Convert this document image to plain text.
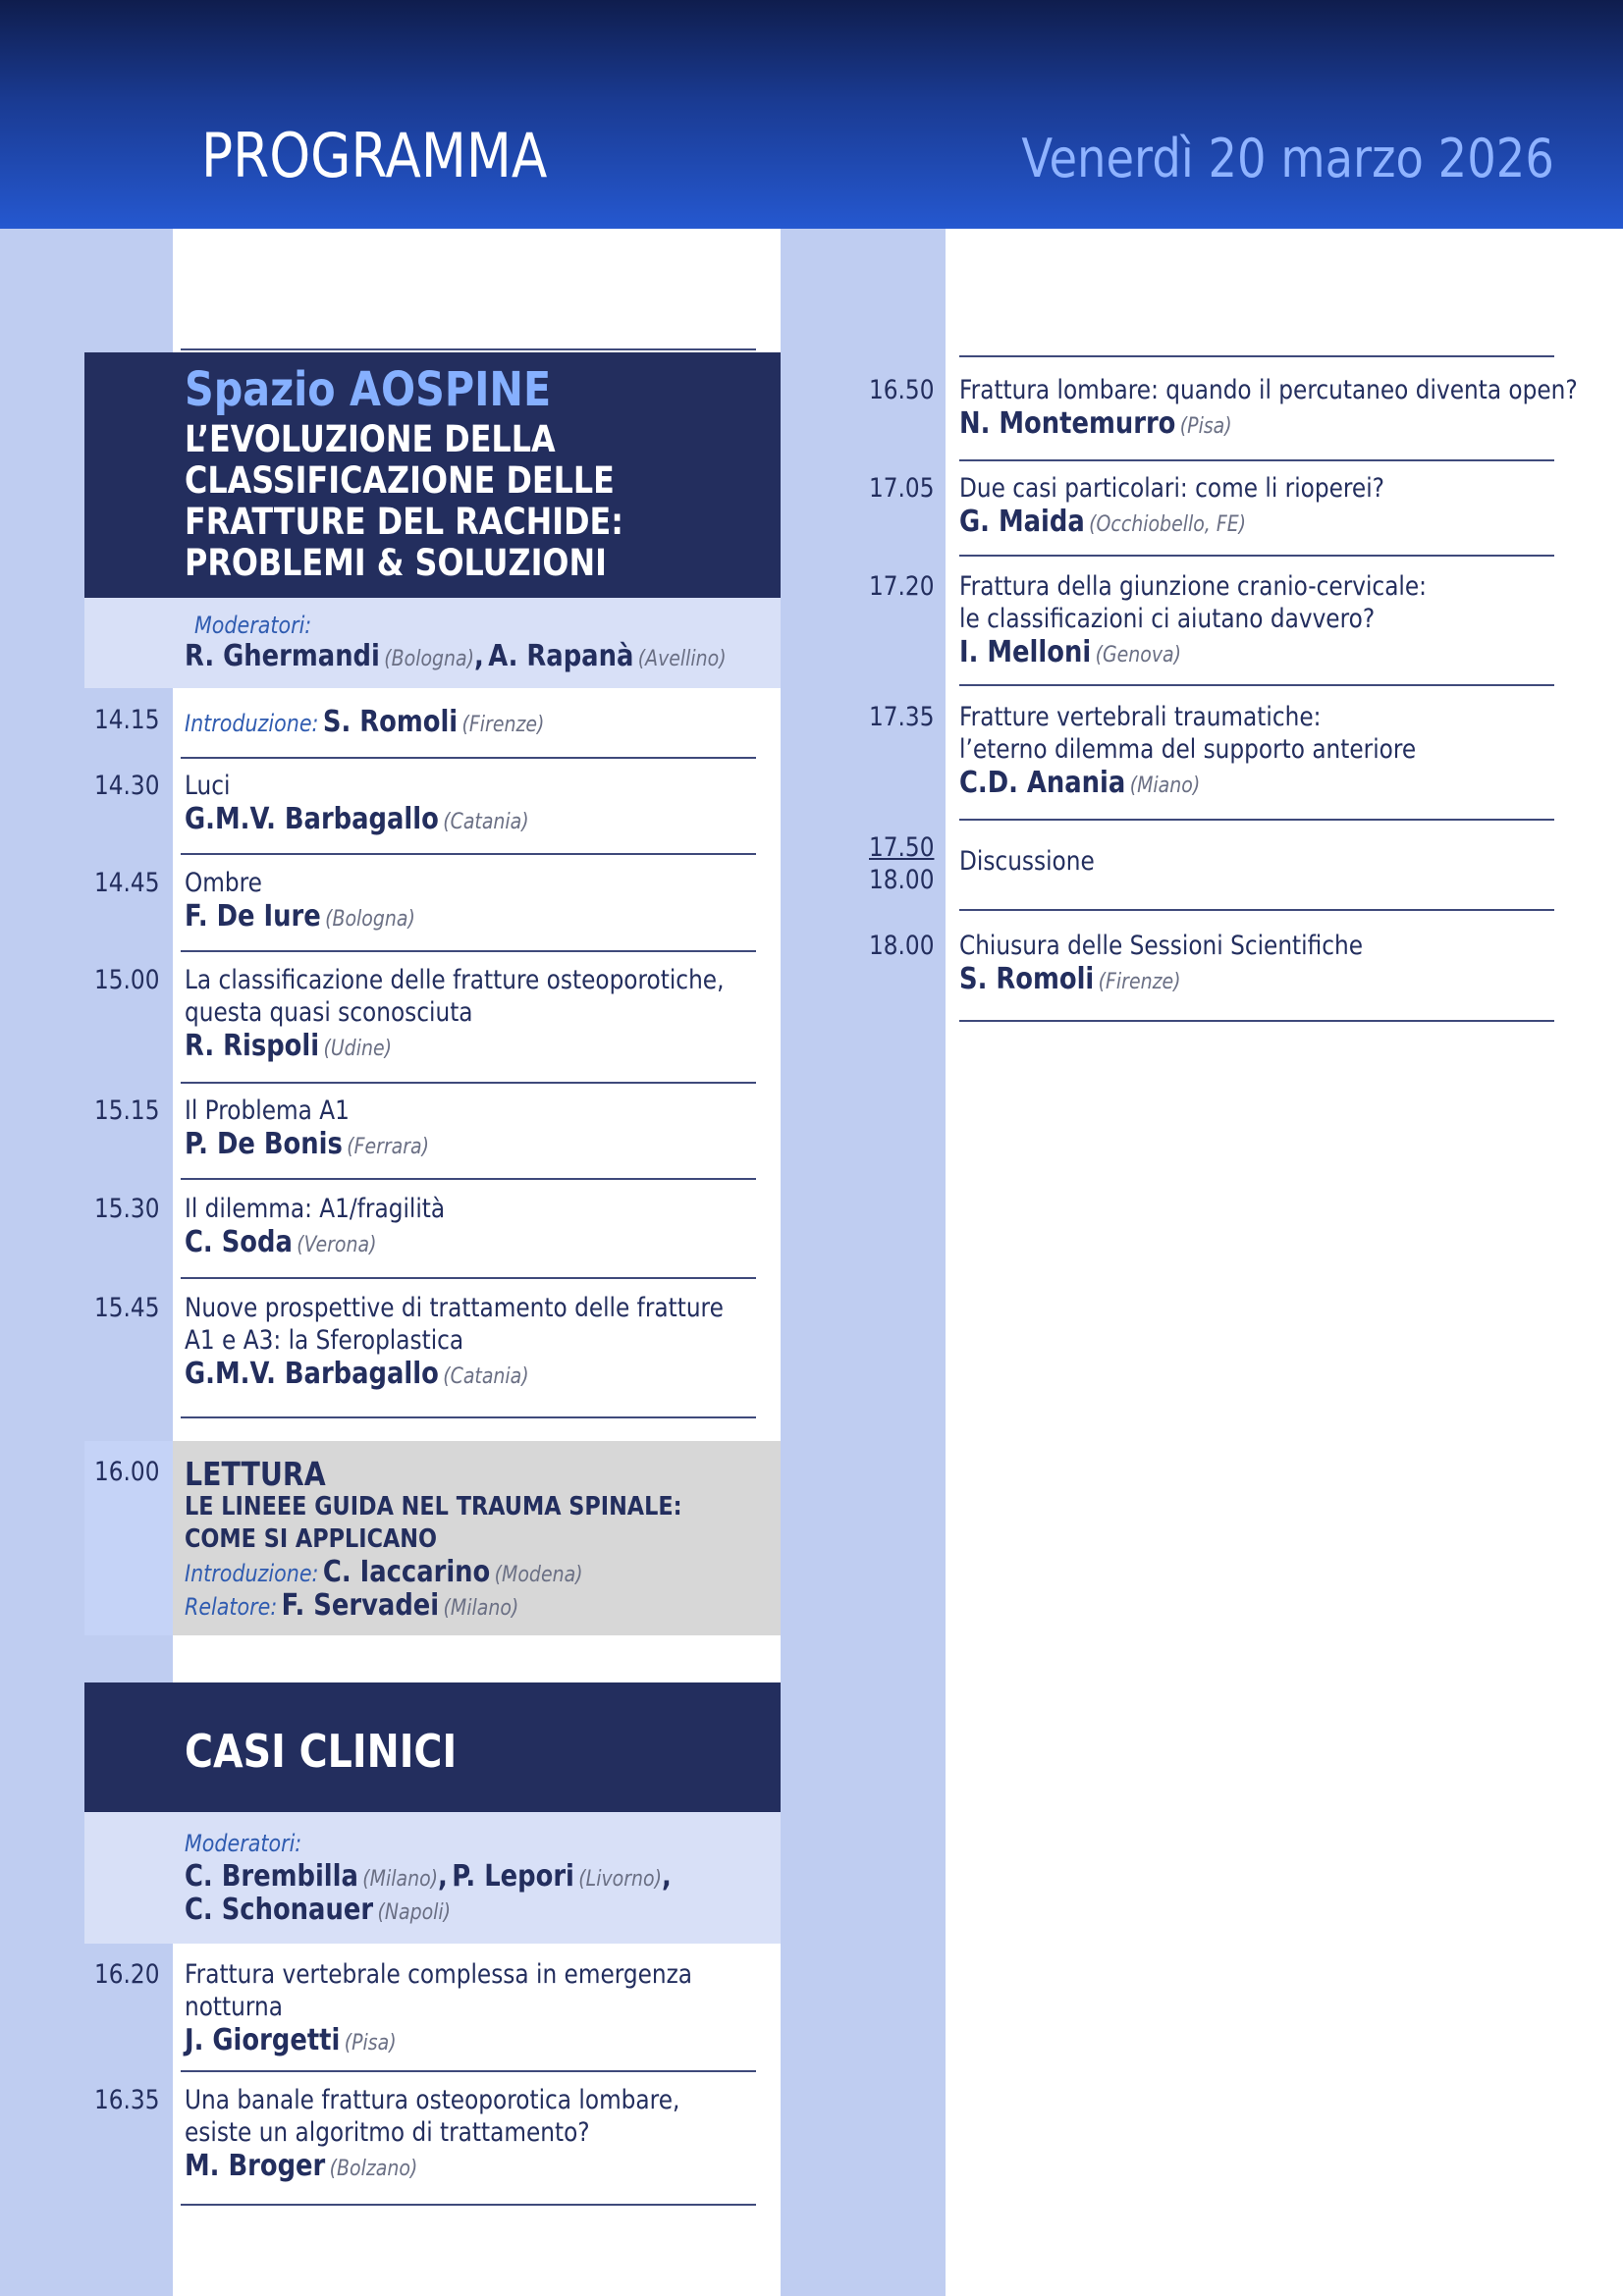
PROGRAMMA	Venerdì 20 marzo 2026
Spazio AOSPINE
L’EVOLUZIONE DELLA
CLASSIFICAZIONE DELLE
FRATTURE DEL RACHIDE:
PROBLEMI & SOLUZIONI
Moderatori:
R. Ghermandi (Bologna), A. Rapanà (Avellino)
14.15	Introduzione: S. Romoli (Firenze)
14.30 Luci
G.M.V. Barbagallo (Catania)
14.45 Ombre
F. De Iure (Bologna)
15.00 La classificazione delle fratture osteoporotiche,
questa quasi sconosciuta
R. Rispoli (Udine)
15.15 Il Problema A1
P. De Bonis (Ferrara)
15.30 Il dilemma: A1/fragilità
C. Soda (Verona)
15.45 Nuove prospettive di trattamento delle fratture
A1 e A3: la Sferoplastica
G.M.V. Barbagallo (Catania)
16.00 LETTURA
LE LINEEE GUIDA NEL TRAUMA SPINALE:
COME SI APPLICANO
Introduzione: C. Iaccarino (Modena)
Relatore: F. Servadei (Milano)
CASI CLINICI
Moderatori:
C. Brembilla (Milano), P. Lepori (Livorno),
C. Schonauer (Napoli)
16.20 Frattura vertebrale complessa in emergenza
notturna
J. Giorgetti (Pisa)
16.35 Una banale frattura osteoporotica lombare,
esiste un algoritmo di trattamento?
M. Broger (Bolzano)
16.50 Frattura lombare: quando il percutaneo diventa open?
N. Montemurro (Pisa)
17.05 Due casi particolari: come li rioperei?
G. Maida (Occhiobello, FE)
17.20 Frattura della giunzione cranio-cervicale:
le classificazioni ci aiutano davvero?
I. Melloni (Genova)
17.35 Fratture vertebrali traumatiche:
l’eterno dilemma del supporto anteriore
C.D. Anania (Miano)
17.50
18.00
Discussione
18.00 Chiusura delle Sessioni Scientifiche
S. Romoli (Firenze)
